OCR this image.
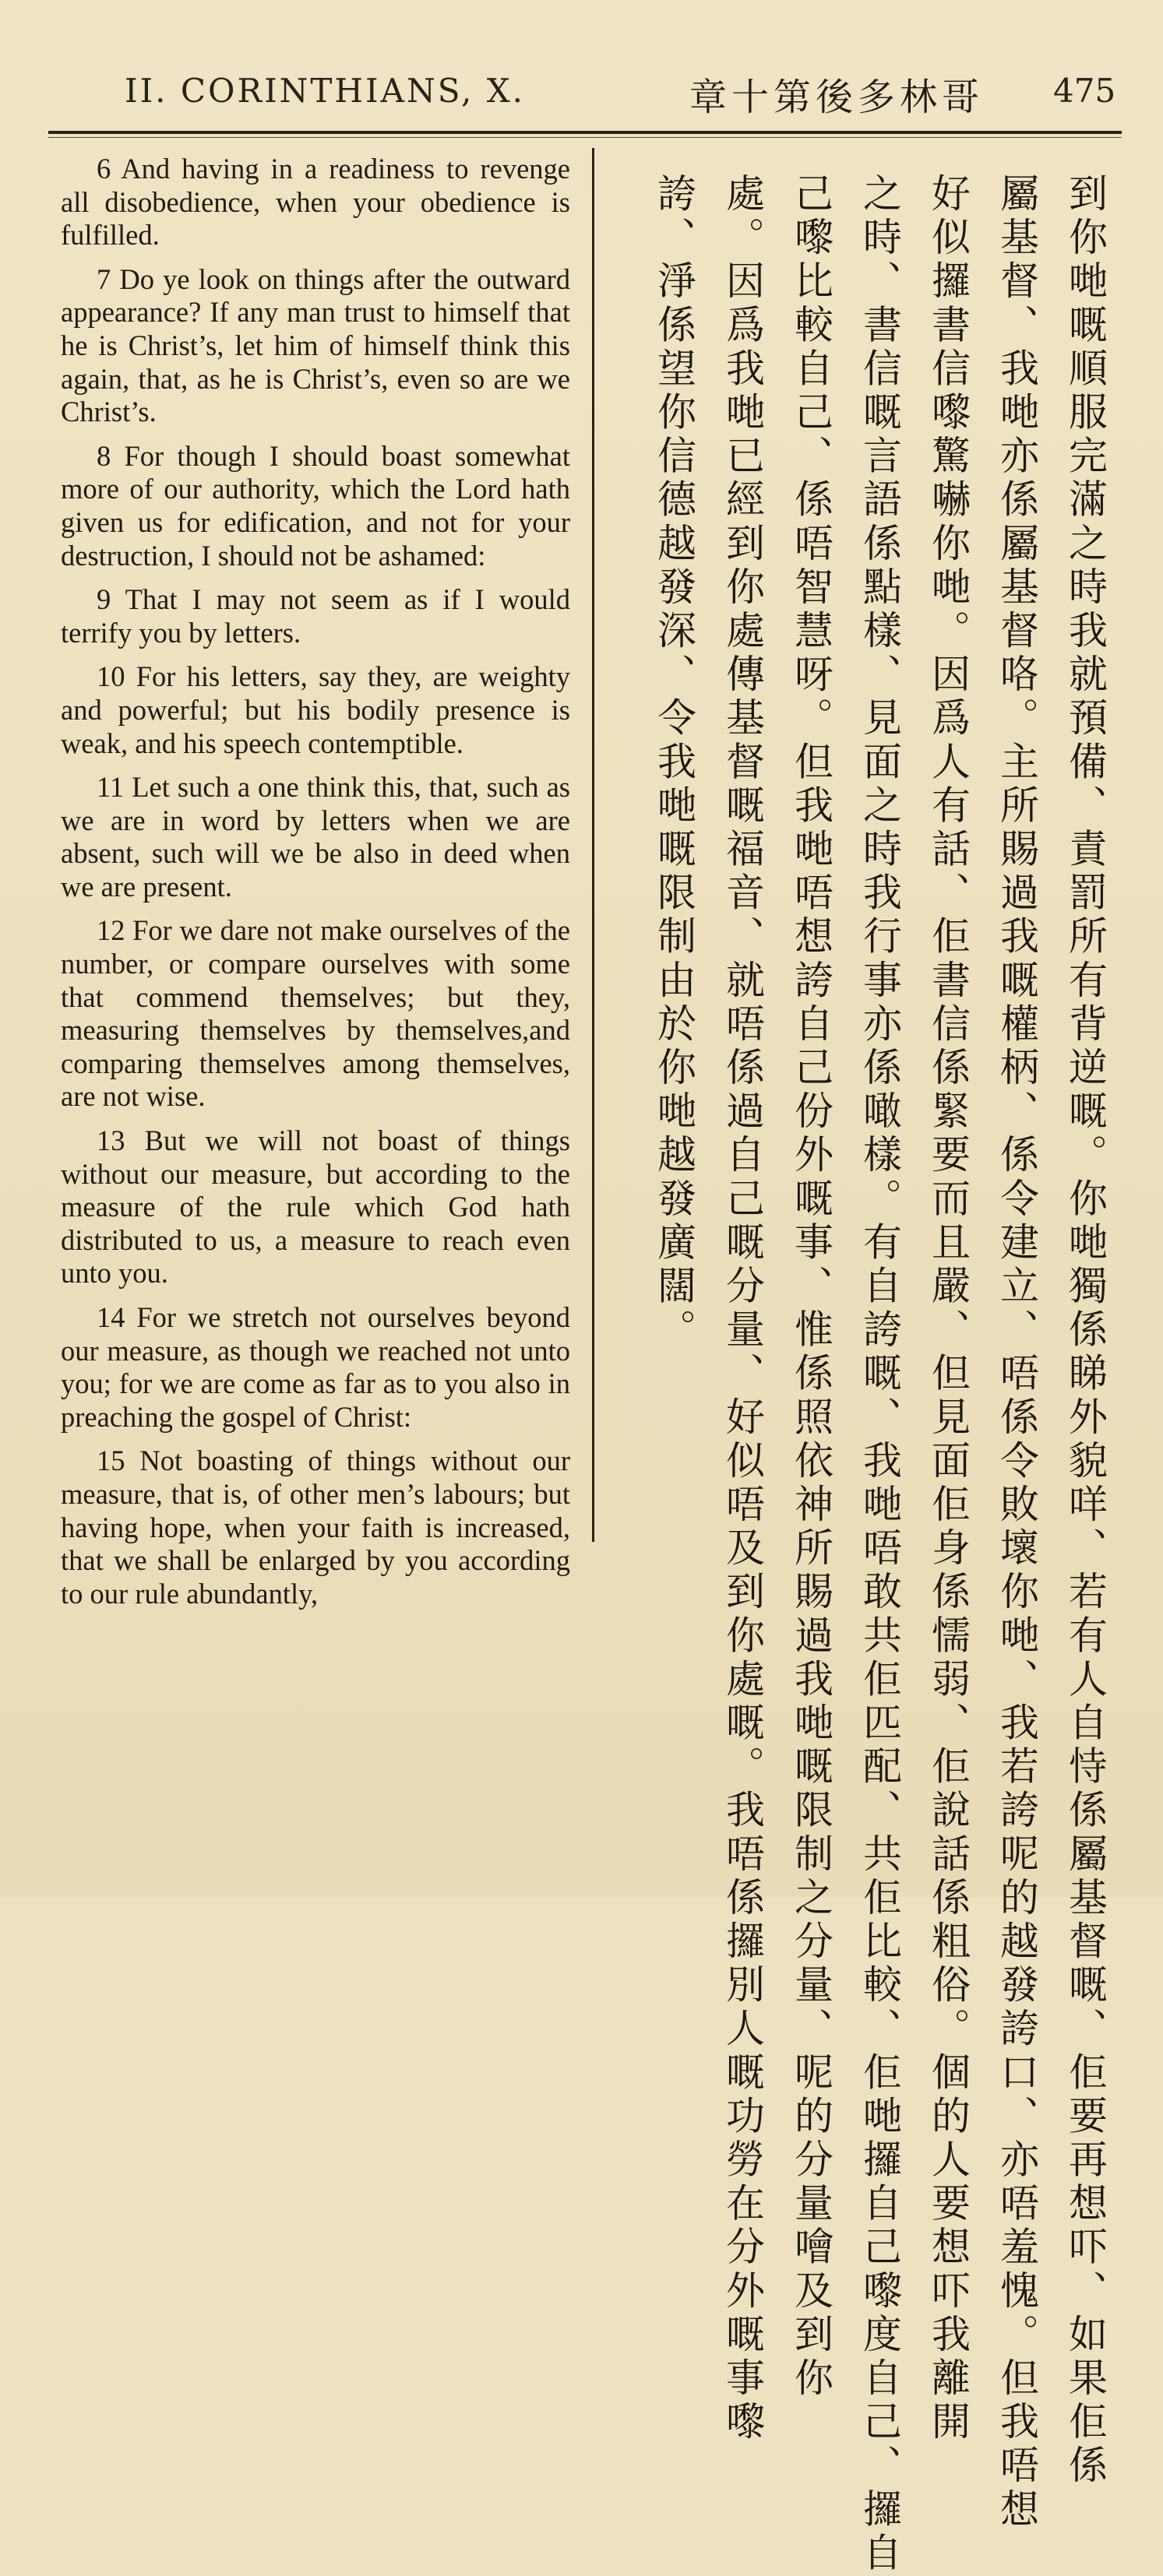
II. CORINTHIANS, X.	章十第後多林哥 475

6 And having in a readiness to revenge all disobedience, when your obedience is fulfilled.

7 Do ye look on things after the outward appearance? If any man trust to himself that he is Christ’s, let him of himself think this again, that, as he is Christ’s, even so are we Christ’s.

8 For though I should boast somewhat more of our authority, which the Lord hath given us for edification, and not for your destruction, I should not be ashamed:

9 That I may not seem as if I would terrify you by letters.

10 For his letters, say they, are weighty and powerful; but his bodily presence is weak, and his speech contemptible.

11 Let such a one think this, that, such as we are in word by letters when we are absent, such will we be also in deed when we are present.

12 For we dare not make ourselves of the number, or compare ourselves with some that commend themselves; but they, measuring themselves by themselves,and comparing themselves among themselves, are not wise.

13 But we will not boast of things without our measure, but according to the measure of the rule which God hath distributed to us, a measure to reach even unto you.

14 For we stretch not ourselves beyond our measure, as though we reached not unto you; for we are come as far as to you also in preaching the gospel of Christ:

15 Not boasting of things without our measure, that is, of other men’s labours; but having hope, when your faith is increased, that we shall be enlarged by you according to our rule abundantly,	到你哋嘅順服完滿之時我就預備、責罰所有背逆嘅。你哋獨係睇外貌咩、若有人自恃係屬基督嘅、佢要再想吓、如果佢係
屬基督、我哋亦係屬基督咯。主所賜過我嘅權柄、係令建立、唔係令敗壞你哋、我若誇呢的越發誇口、亦唔羞愧。但我唔想
好似攞書信嚟驚嚇你哋。因爲人有話、佢書信係緊要而且嚴、但見面佢身係懦弱、佢說話係粗俗。個的人要想吓我離開
之時、書信嘅言語係點樣、見面之時我行事亦係噉樣。有自誇嘅、我哋唔敢共佢匹配、共佢比較、佢哋攞自己嚟度自己、攞自
己嚟比較自己、係唔智慧呀。但我哋唔想誇自己份外嘅事、惟係照依神所賜過我哋嘅限制之分量、呢的分量噲及到你
處。因爲我哋已經到你處傳基督嘅福音、就唔係過自己嘅分量、好似唔及到你處嘅。我唔係攞別人嘅功勞在分外嘅事嚟
誇、淨係望你信德越發深、令我哋嘅限制由於你哋越發廣闊。
